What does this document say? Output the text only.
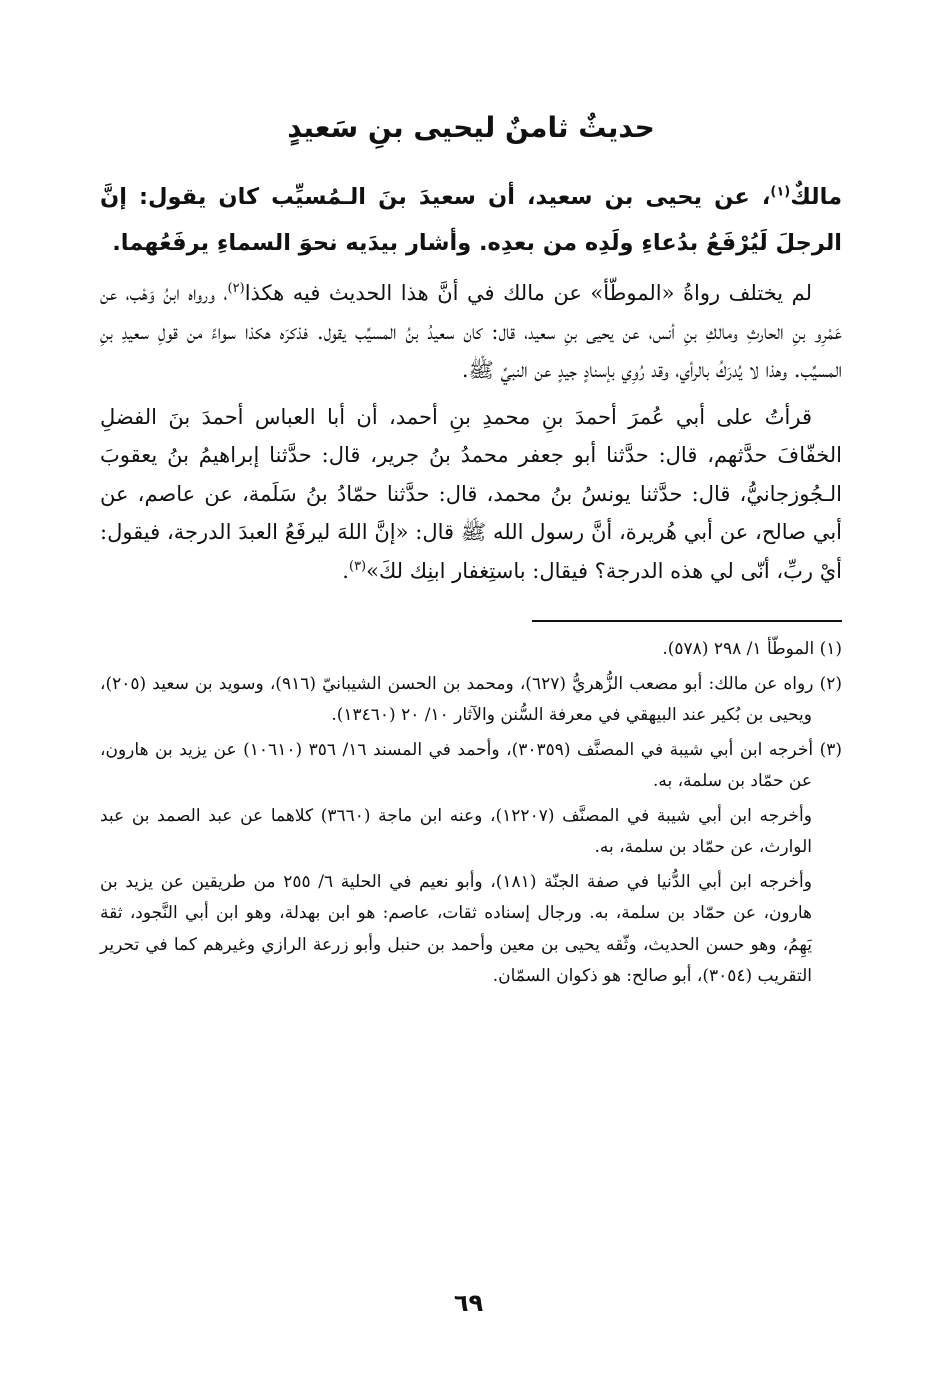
حديثٌ ثامنٌ ليحيى بنِ سَعيدٍ

مالكٌ$^{(١)}$، عن يحيى بن سعيد، أن سعيدَ بنَ الـمُسيِّب كان يقول: إنَّ الرجلَ لَيُرْفَعُ بدُعاءِ ولَدِه من بعدِه. وأشار بيدَيه نحوَ السماءِ يرفَعُهما.

لم يختلف رواةُ «الموطّأ» عن مالك في أنَّ هذا الحديث فيه هكذا$^{(٢)}$، ورواه ابنُ وَهْب، عن عَمْرِو بنِ الحارثِ ومالكِ بنِ أنس، عن يحيى بنِ سعيد، قال: كان سعيدُ بنُ المسيِّب يقول. فذكرَه هكذا سواءً من قولِ سعيدِ بنِ المسيِّب. وهذا لا يُدرَكُ بالرأي، وقد رُوِي بإسنادٍ جيدٍ عن النبيِّ ﷺ.

قرأتُ على أبي عُمرَ أحمدَ بنِ محمدِ بنِ أحمد، أن أبا العباس أحمدَ بنَ الفضلِ الخفّافَ حدَّثهم، قال: حدَّثنا أبو جعفر محمدُ بنُ جرير، قال: حدَّثنا إبراهيمُ بنُ يعقوبَ الـجُوزجانيُّ، قال: حدَّثنا يونسُ بنُ محمد، قال: حدَّثنا حمّادُ بنُ سَلَمة، عن عاصم، عن أبي صالح، عن أبي هُريرة، أنَّ رسول الله ﷺ قال: «إنَّ اللهَ ليرفَعُ العبدَ الدرجة، فيقول: أيْ ربِّ، أنّى لي هذه الدرجة؟ فيقال: باستِغفار ابنِك لكَ»$^{(٣)}$.

(١) الموطّأ ١/ ٢٩٨ (٥٧٨).

(٢) رواه عن مالك: أبو مصعب الزُّهريُّ (٦٢٧)، ومحمد بن الحسن الشيبانيّ (٩١٦)، وسويد بن سعيد (٢٠٥)، ويحيى بن بُكير عند البيهقي في معرفة السُّنن والآثار ١٠/ ٢٠ (١٣٤٦٠).

(٣) أخرجه ابن أبي شيبة في المصنَّف (٣٠٣٥٩)، وأحمد في المسند ١٦/ ٣٥٦ (١٠٦١٠) عن يزيد بن هارون، عن حمّاد بن سلمة، به.

وأخرجه ابن أبي شيبة في المصنَّف (١٢٢٠٧)، وعنه ابن ماجة (٣٦٦٠) كلاهما عن عبد الصمد بن عبد الوارث، عن حمّاد بن سلمة، به.

وأخرجه ابن أبي الدُّنيا في صفة الجنّة (١٨١)، وأبو نعيم في الحلية ٦/ ٢٥٥ من طريقين عن يزيد بن هارون، عن حمّاد بن سلمة، به. ورجال إسناده ثقات، عاصم: هو ابن بهدلة، وهو ابن أبي النَّجود، ثقة يَهِمُ، وهو حسن الحديث، وثّقه يحيى بن معين وأحمد بن حنبل وأبو زرعة الرازي وغيرهم كما في تحرير التقريب (٣٠٥٤)، أبو صالح: هو ذكوان السمّان.

٦٩
